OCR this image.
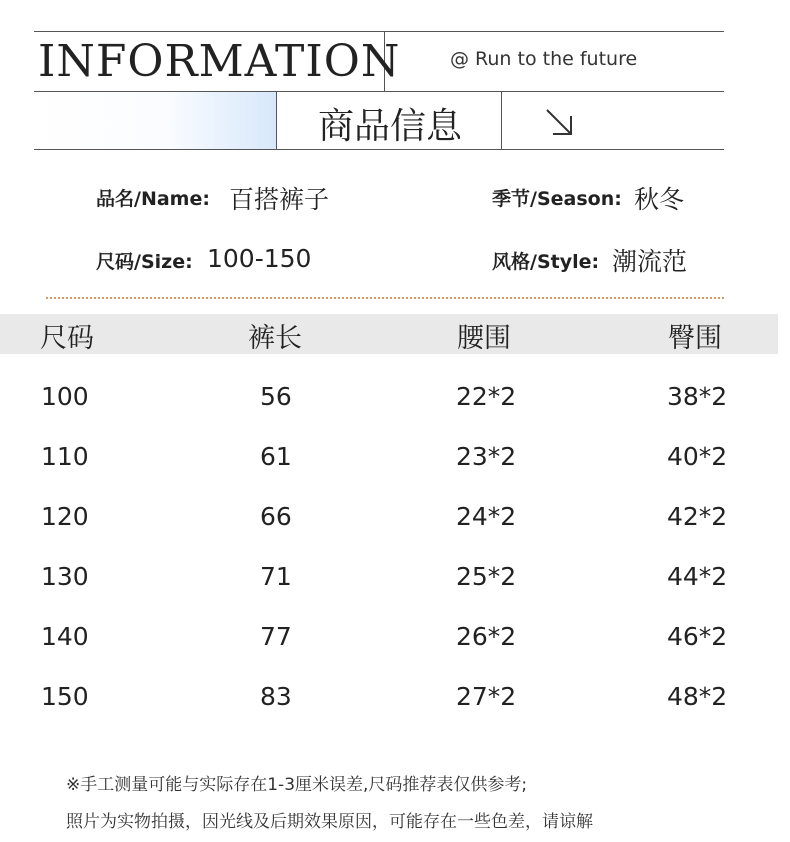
INFORMATION	@ Run to the future
商品信息
品名/Name: 百搭裤子	季节/Season: 秋冬
尺码/Size: 100-150	风格/Style: 潮流范
尺码	裤长	腰围	臀围
100	56	22*2	38*2
110	61	23*2	40*2
120	66	24*2	42*2
130	71	25*2	44*2
140	77	26*2	46*2
150	83	27*2	48*2
※手工测量可能与实际存在1-3厘米误差,尺码推荐表仅供参考;
照片为实物拍摄，因光线及后期效果原因，可能存在一些色差，请谅解
